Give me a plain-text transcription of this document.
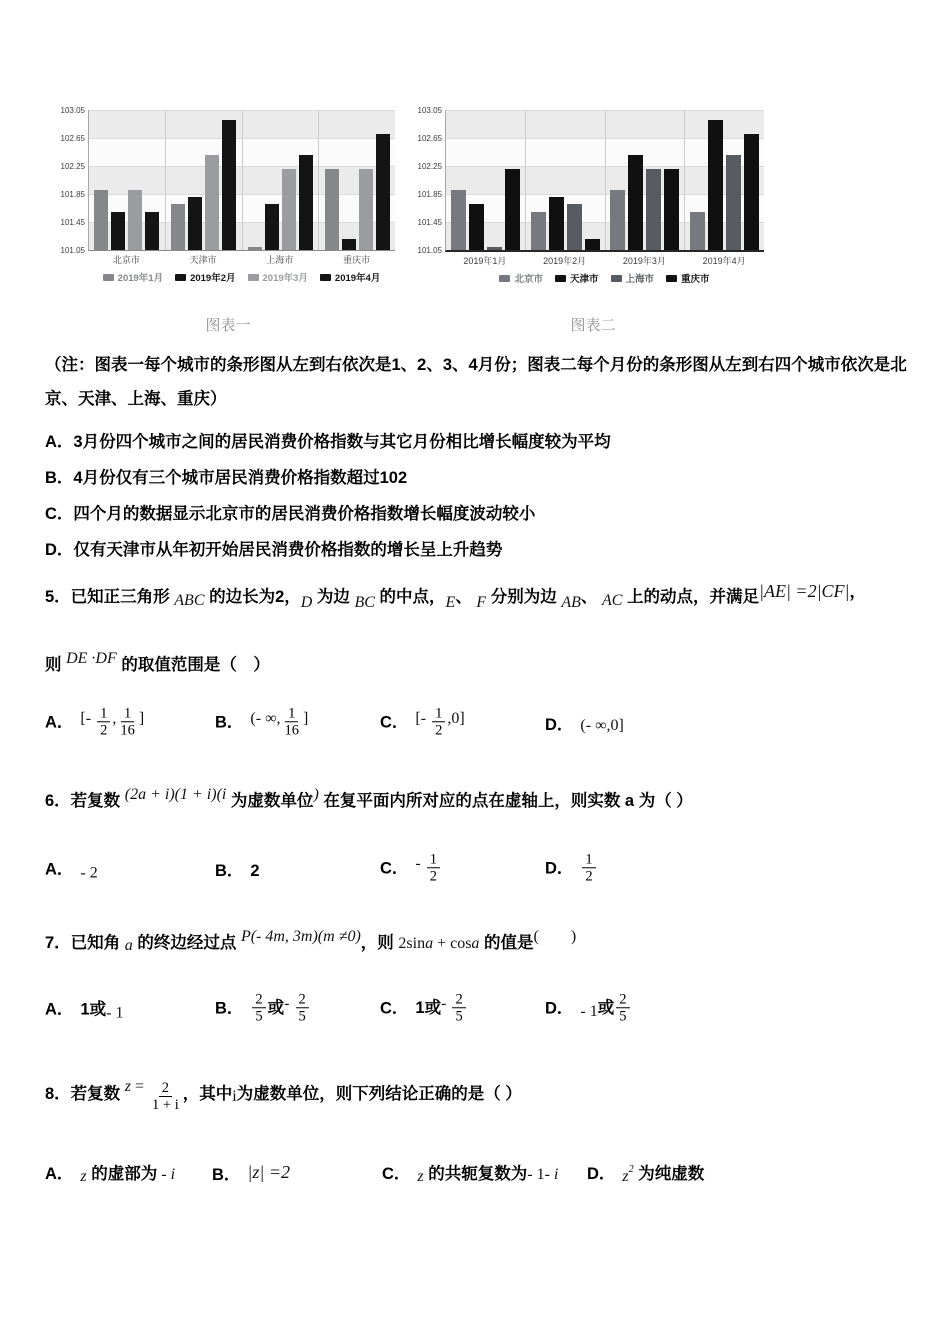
103.05
102.65
102.25
101.85
101.45
101.05
北京市	天津市	上海市	重庆市
2019年1月	2019年2月	2019年3月	2019年4月
103.05
102.65
102.25
101.85
101.45
101.05
2019年1月	2019年2月	2019年3月	2019年4月
北京市	天津市	上海市	重庆市
图表一	图表二

（注：图表一每个城市的条形图从左到右依次是1、2、3、4月份；图表二每个月份的条形图从左到右四个城市依次是北京、天津、上海、重庆）

A．3月份四个城市之间的居民消费价格指数与其它月份相比增长幅度较为平均
B．4月份仅有三个城市居民消费价格指数超过102
C．四个月的数据显示北京市的居民消费价格指数增长幅度波动较小
D．仅有天津市从年初开始居民消费价格指数的增长呈上升趋势
5．已知正三角形 ABC 的边长为2，D 为边 BC 的中点，E、 F 分别为边 AB、 AC 上的动点，并满足|AE| =2|CF|，
则 DE ·DF 的取值范围是（　）
A． [- $\frac{1}{2}$ , $\frac{1}{16}$ ]	B． (- ∞, $\frac{1}{16}$ ]	C． [- $\frac{1}{2} ,0$]	D． (- ∞,0]
6．若复数 (2a + i)(1 + i)(i 为虚数单位) 在复平面内所对应的点在虚轴上，则实数 a 为（ ）
A． - 2	B． 2	C． - $\frac{1}{2}$	D． $\frac{1}{2}$
7．已知角 a 的终边经过点 P(- 4m, 3m)(m ≠0)，则 2sina + cosa 的值是(　　)
A． 1或- 1	B． $\frac{2}{5}$ 或- $\frac{2}{5}$	C． 1或- $\frac{2}{5}$	D． - 1或 $\frac{2}{5}$
8．若复数 $z = \frac{2}{1 + i}$ ，其中i为虚数单位，则下列结论正确的是（ ）
A． z 的虚部为 - i B． |z| =2	C． z 的共轭复数为- 1- i D． $z^2$ 为纯虚数
